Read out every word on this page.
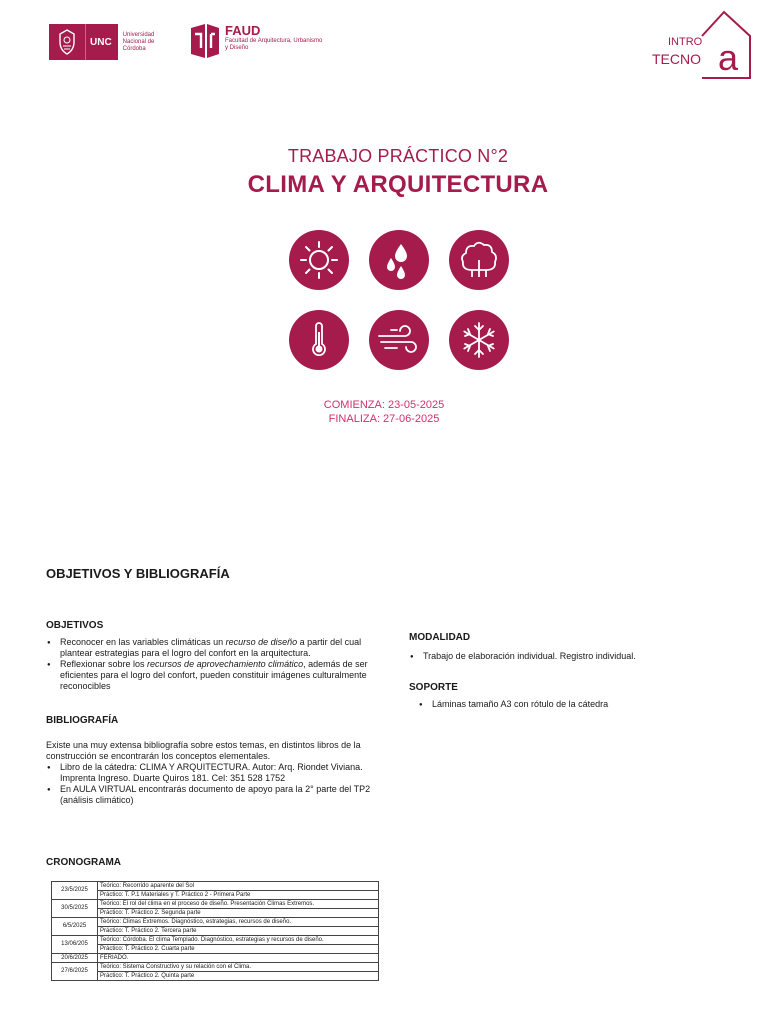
UNC
Universidad Nacional de Córdoba
FAUD
Facultad de Arquitectura, Urbanismo y Diseño	a
INTRO
TECNO
TRABAJO PRÁCTICO N°2
CLIMA Y ARQUITECTURA
COMIENZA: 23-05-2025
FINALIZA: 27-06-2025
OBJETIVOS Y BIBLIOGRAFÍA
OBJETIVOS
● Reconocer en las variables climáticas un recurso de diseño a partir del cual plantear estrategias para el logro del confort en la arquitectura.
● Reflexionar sobre los recursos de aprovechamiento climático, además de ser eficientes para el logro del confort, pueden constituir imágenes culturalmente reconocibles
BIBLIOGRAFÍA
Existe una muy extensa bibliografía sobre estos temas, en distintos libros de la construcción se encontrarán los conceptos elementales.
● Libro de la cátedra: CLIMA Y ARQUITECTURA. Autor: Arq. Riondet Viviana. Imprenta Ingreso. Duarte Quiros 181. Cel: 351 528 1752
● En AULA VIRTUAL encontrarás documento de apoyo para la 2° parte del TP2 (análisis climático)
MODALIDAD
● Trabajo de elaboración individual. Registro individual.
SOPORTE
● Láminas tamaño A3 con rótulo de la cátedra
CRONOGRAMA
23/5/2025	Teórico: Recorrido aparente del Sol
	Práctico: T. P.1 Materiales y T. Práctico 2 - Primera Parte
30/5/2025	Teórico: El rol del clima en el proceso de diseño. Presentación Climas Extremos.
	Práctico: T. Práctico 2. Segunda parte
6/5/2025	Teórico: Climas Extremos. Diagnóstico, estrategias, recursos de diseño.
	Práctico: T. Práctico 2. Tercera parte
13/06/205	Teórico: Córdoba. El clima Templado. Diagnóstico, estrategias y recursos de diseño.
	Práctico: T. Práctico 2. Cuarta parte
20/6/2025	FERIADO.
27/6/2025	Teórico: Sistema Constructivo y su relación con el Clima.
	Práctico: T. Práctico 2. Quinta parte
